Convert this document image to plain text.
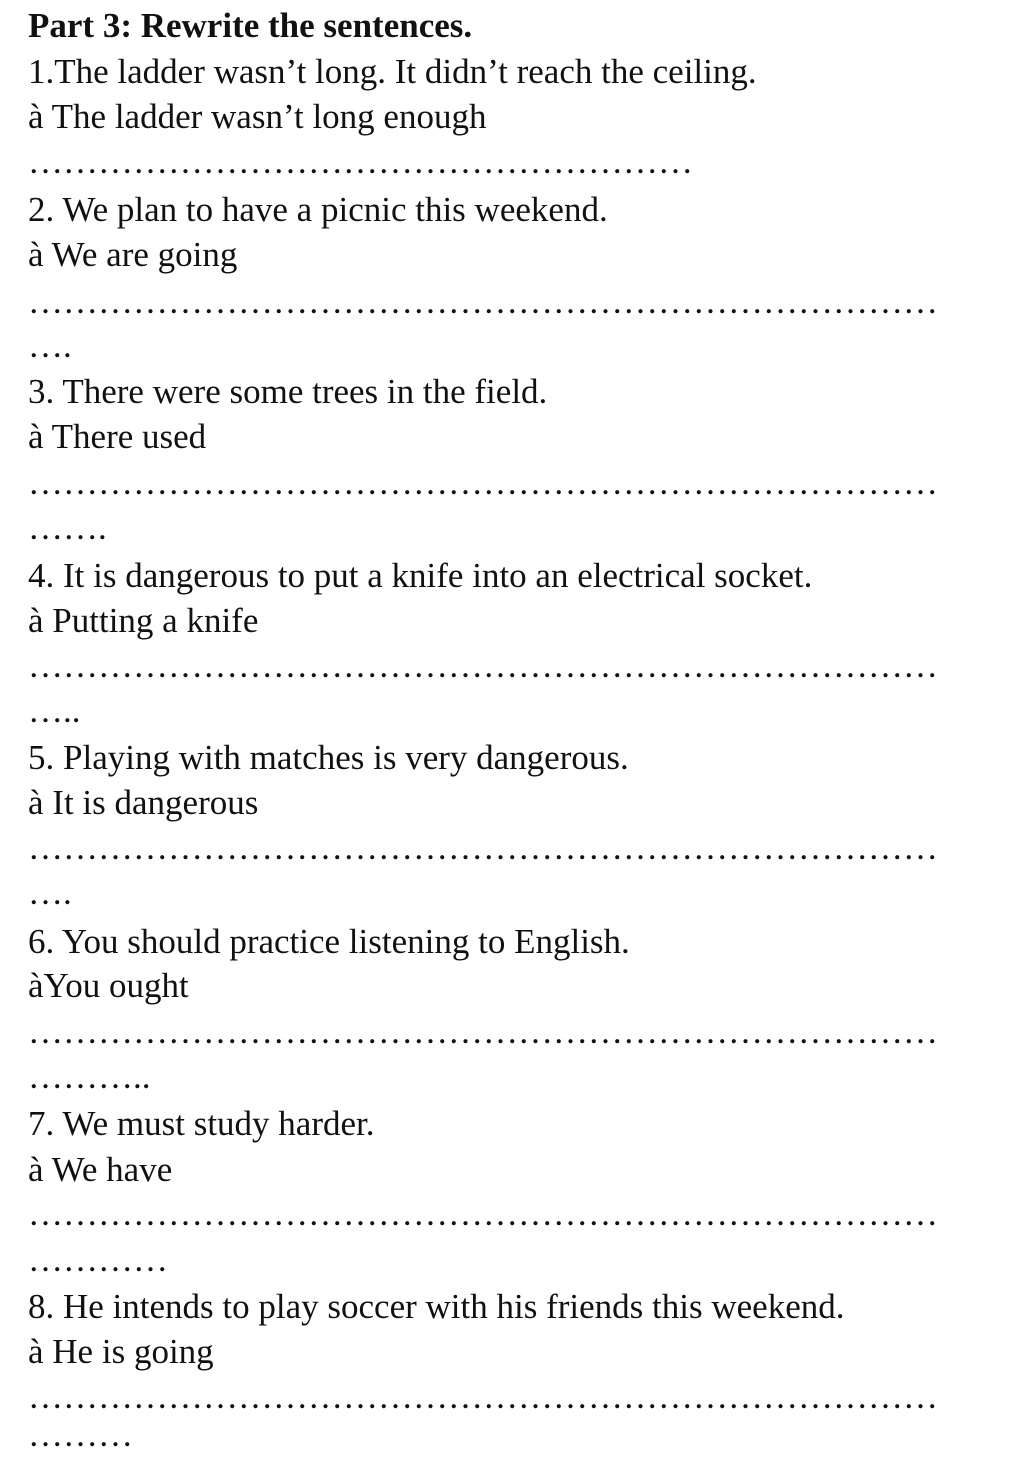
Part 3: Rewrite the sentences.
1.The ladder wasn’t long. It didn’t reach the ceiling.
à The ladder wasn’t long enough
…………………………………………………
2. We plan to have a picnic this weekend.
à We are going
……………………………………………………………………
….
3. There were some trees in the field.
à There used
……………………………………………………………………
…….
4. It is dangerous to put a knife into an electrical socket.
à Putting a knife
……………………………………………………………………
…..
5. Playing with matches is very dangerous.
à It is dangerous
……………………………………………………………………
….
6. You should practice listening to English.
àYou ought
……………………………………………………………………
………..
7. We must study harder.
à We have
……………………………………………………………………
…………
8. He intends to play soccer with his friends this weekend.
à He is going
……………………………………………………………………
………
